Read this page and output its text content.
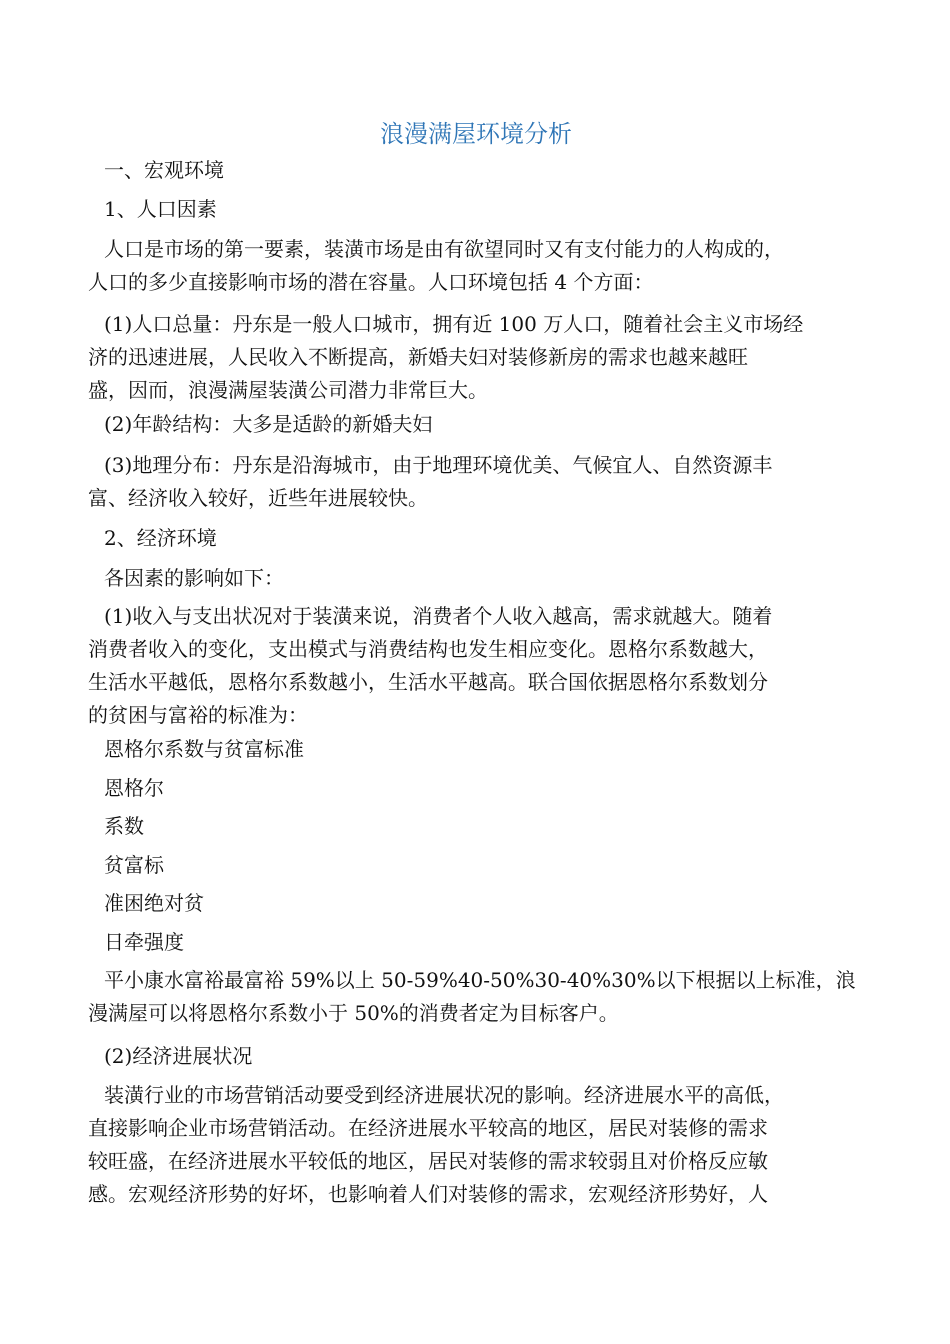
浪漫满屋环境分析

一、宏观环境

1、人口因素

人口是市场的第一要素，装潢市场是由有欲望同时又有支付能力的人构成的，
人口的多少直接影响市场的潜在容量。人口环境包括 4 个方面：
(1)人口总量：丹东是一般人口城市，拥有近 100 万人口，随着社会主义市场经
济的迅速进展，人民收入不断提高，新婚夫妇对装修新房的需求也越来越旺
盛，因而，浪漫满屋装潢公司潜力非常巨大。

(2)年龄结构：大多是适龄的新婚夫妇

(3)地理分布：丹东是沿海城市，由于地理环境优美、气候宜人、自然资源丰
富、经济收入较好，近些年进展较快。

2、经济环境

各因素的影响如下：

(1)收入与支出状况对于装潢来说，消费者个人收入越高，需求就越大。随着
消费者收入的变化，支出模式与消费结构也发生相应变化。恩格尔系数越大，
生活水平越低，恩格尔系数越小，生活水平越高。联合国依据恩格尔系数划分
的贫困与富裕的标准为：

恩格尔系数与贫富标准

恩格尔

系数

贫富标

准困绝对贫

日牵强度

平小康水富裕最富裕 59%以上 50-59%40-50%30-40%30%以下根据以上标准，浪
漫满屋可以将恩格尔系数小于 50%的消费者定为目标客户。

(2)经济进展状况

装潢行业的市场营销活动要受到经济进展状况的影响。经济进展水平的高低，
直接影响企业市场营销活动。在经济进展水平较高的地区，居民对装修的需求
较旺盛，在经济进展水平较低的地区，居民对装修的需求较弱且对价格反应敏
感。宏观经济形势的好坏，也影响着人们对装修的需求，宏观经济形势好，人
